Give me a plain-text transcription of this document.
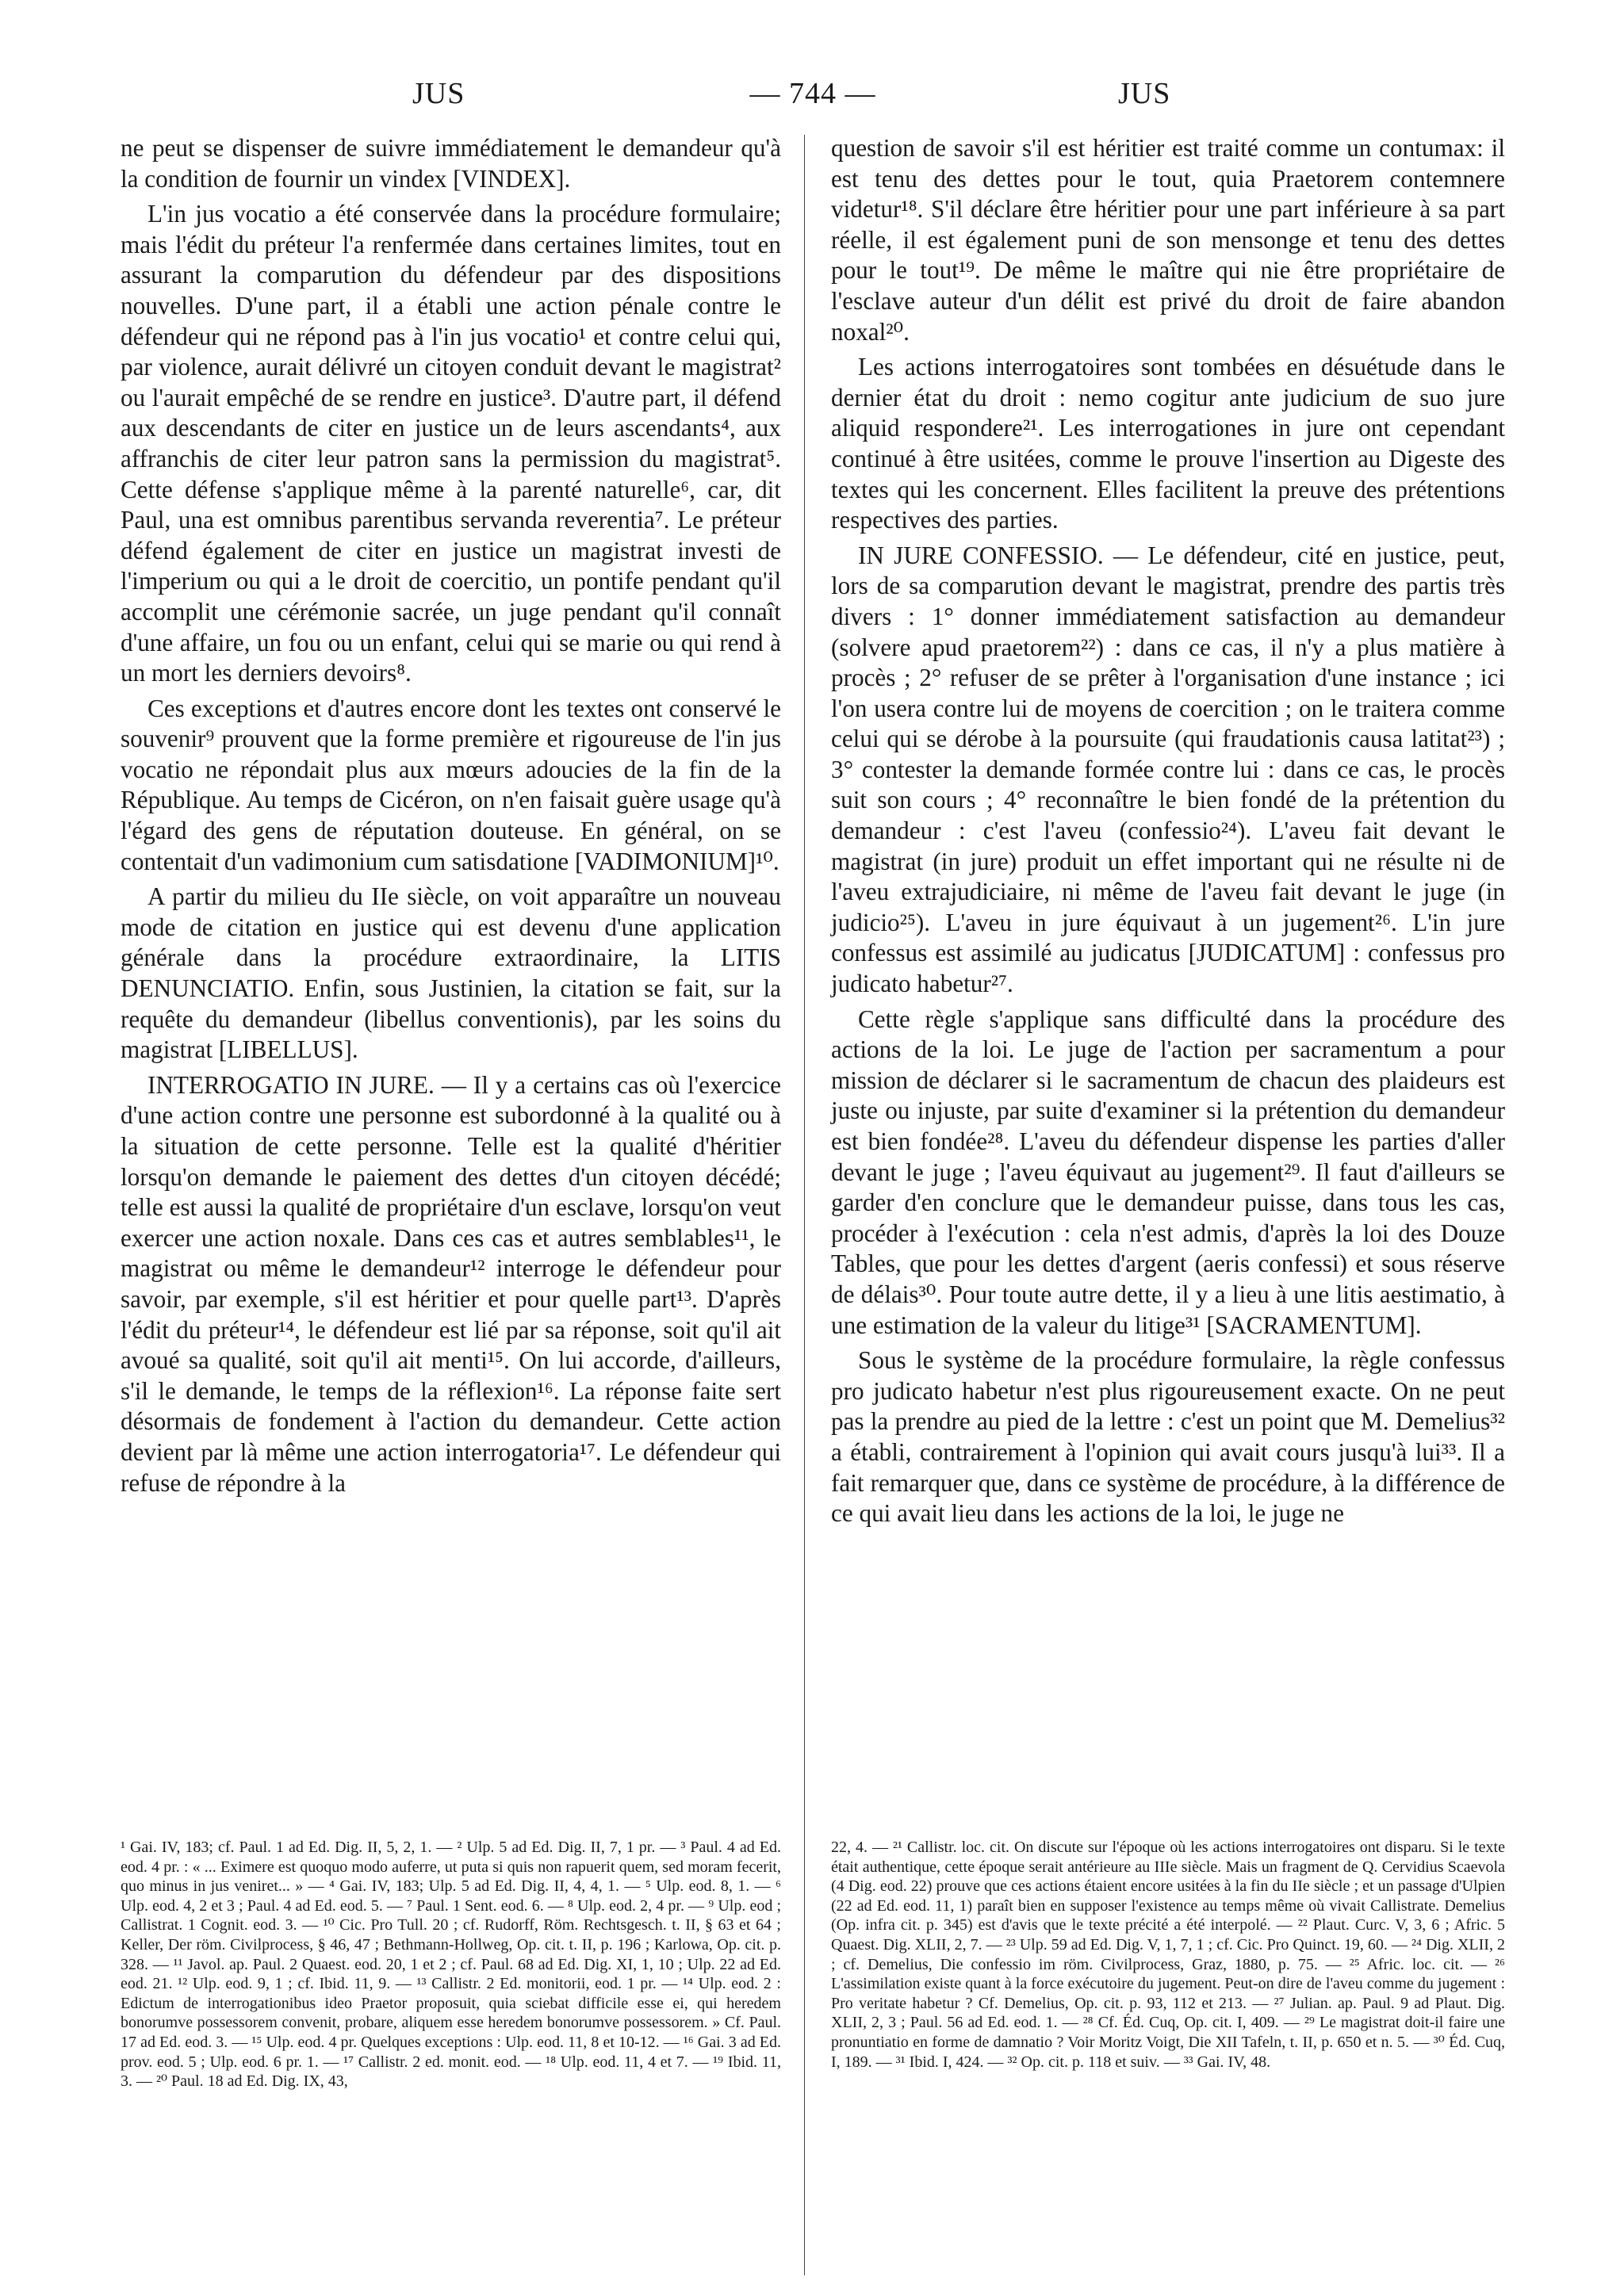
JUS	— 744 —	JUS

ne peut se dispenser de suivre immédiatement le demandeur qu'à la condition de fournir un vindex [VINDEX].

L'in jus vocatio a été conservée dans la procédure formulaire; mais l'édit du préteur l'a renfermée dans certaines limites, tout en assurant la comparution du défendeur par des dispositions nouvelles. D'une part, il a établi une action pénale contre le défendeur qui ne répond pas à l'in jus vocatio¹ et contre celui qui, par violence, aurait délivré un citoyen conduit devant le magistrat² ou l'aurait empêché de se rendre en justice³. D'autre part, il défend aux descendants de citer en justice un de leurs ascendants⁴, aux affranchis de citer leur patron sans la permission du magistrat⁵. Cette défense s'applique même à la parenté naturelle⁶, car, dit Paul, una est omnibus parentibus servanda reverentia⁷. Le préteur défend également de citer en justice un magistrat investi de l'imperium ou qui a le droit de coercitio, un pontife pendant qu'il accomplit une cérémonie sacrée, un juge pendant qu'il connaît d'une affaire, un fou ou un enfant, celui qui se marie ou qui rend à un mort les derniers devoirs⁸.

Ces exceptions et d'autres encore dont les textes ont conservé le souvenir⁹ prouvent que la forme première et rigoureuse de l'in jus vocatio ne répondait plus aux mœurs adoucies de la fin de la République. Au temps de Cicéron, on n'en faisait guère usage qu'à l'égard des gens de réputation douteuse. En général, on se contentait d'un vadimonium cum satisdatione [VADIMONIUM]¹⁰.

A partir du milieu du IIe siècle, on voit apparaître un nouveau mode de citation en justice qui est devenu d'une application générale dans la procédure extraordinaire, la LITIS DENUNCIATIO. Enfin, sous Justinien, la citation se fait, sur la requête du demandeur (libellus conventionis), par les soins du magistrat [LIBELLUS].

INTERROGATIO IN JURE. — Il y a certains cas où l'exercice d'une action contre une personne est subordonné à la qualité ou à la situation de cette personne. Telle est la qualité d'héritier lorsqu'on demande le paiement des dettes d'un citoyen décédé; telle est aussi la qualité de propriétaire d'un esclave, lorsqu'on veut exercer une action noxale. Dans ces cas et autres semblables¹¹, le magistrat ou même le demandeur¹² interroge le défendeur pour savoir, par exemple, s'il est héritier et pour quelle part¹³. D'après l'édit du préteur¹⁴, le défendeur est lié par sa réponse, soit qu'il ait avoué sa qualité, soit qu'il ait menti¹⁵. On lui accorde, d'ailleurs, s'il le demande, le temps de la réflexion¹⁶. La réponse faite sert désormais de fondement à l'action du demandeur. Cette action devient par là même une action interrogatoria¹⁷. Le défendeur qui refuse de répondre à la

question de savoir s'il est héritier est traité comme un contumax: il est tenu des dettes pour le tout, quia Praetorem contemnere videtur¹⁸. S'il déclare être héritier pour une part inférieure à sa part réelle, il est également puni de son mensonge et tenu des dettes pour le tout¹⁹. De même le maître qui nie être propriétaire de l'esclave auteur d'un délit est privé du droit de faire abandon noxal²⁰.

Les actions interrogatoires sont tombées en désuétude dans le dernier état du droit : nemo cogitur ante judicium de suo jure aliquid respondere²¹. Les interrogationes in jure ont cependant continué à être usitées, comme le prouve l'insertion au Digeste des textes qui les concernent. Elles facilitent la preuve des prétentions respectives des parties.

IN JURE CONFESSIO. — Le défendeur, cité en justice, peut, lors de sa comparution devant le magistrat, prendre des partis très divers : 1° donner immédiatement satisfaction au demandeur (solvere apud praetorem²²) : dans ce cas, il n'y a plus matière à procès ; 2° refuser de se prêter à l'organisation d'une instance ; ici l'on usera contre lui de moyens de coercition ; on le traitera comme celui qui se dérobe à la poursuite (qui fraudationis causa latitat²³) ; 3° contester la demande formée contre lui : dans ce cas, le procès suit son cours ; 4° reconnaître le bien fondé de la prétention du demandeur : c'est l'aveu (confessio²⁴). L'aveu fait devant le magistrat (in jure) produit un effet important qui ne résulte ni de l'aveu extrajudiciaire, ni même de l'aveu fait devant le juge (in judicio²⁵). L'aveu in jure équivaut à un jugement²⁶. L'in jure confessus est assimilé au judicatus [JUDICATUM] : confessus pro judicato habetur²⁷.

Cette règle s'applique sans difficulté dans la procédure des actions de la loi. Le juge de l'action per sacramentum a pour mission de déclarer si le sacramentum de chacun des plaideurs est juste ou injuste, par suite d'examiner si la prétention du demandeur est bien fondée²⁸. L'aveu du défendeur dispense les parties d'aller devant le juge ; l'aveu équivaut au jugement²⁹. Il faut d'ailleurs se garder d'en conclure que le demandeur puisse, dans tous les cas, procéder à l'exécution : cela n'est admis, d'après la loi des Douze Tables, que pour les dettes d'argent (aeris confessi) et sous réserve de délais³⁰. Pour toute autre dette, il y a lieu à une litis aestimatio, à une estimation de la valeur du litige³¹ [SACRAMENTUM].

Sous le système de la procédure formulaire, la règle confessus pro judicato habetur n'est plus rigoureusement exacte. On ne peut pas la prendre au pied de la lettre : c'est un point que M. Demelius³² a établi, contrairement à l'opinion qui avait cours jusqu'à lui³³. Il a fait remarquer que, dans ce système de procédure, à la différence de ce qui avait lieu dans les actions de la loi, le juge ne

¹ Gai. IV, 183; cf. Paul. 1 ad Ed. Dig. II, 5, 2, 1. — ² Ulp. 5 ad Ed. Dig. II, 7, 1 pr. — ³ Paul. 4 ad Ed. eod. 4 pr. : « ... Eximere est quoquo modo auferre, ut puta si quis non rapuerit quem, sed moram fecerit, quo minus in jus veniret... » — ⁴ Gai. IV, 183; Ulp. 5 ad Ed. Dig. II, 4, 4, 1. — ⁵ Ulp. eod. 8, 1. — ⁶ Ulp. eod. 4, 2 et 3 ; Paul. 4 ad Ed. eod. 5. — ⁷ Paul. 1 Sent. eod. 6. — ⁸ Ulp. eod. 2, 4 pr. — ⁹ Ulp. eod ; Callistrat. 1 Cognit. eod. 3. — ¹⁰ Cic. Pro Tull. 20 ; cf. Rudorff, Röm. Rechtsgesch. t. II, § 63 et 64 ; Keller, Der röm. Civilprocess, § 46, 47 ; Bethmann-Hollweg, Op. cit. t. II, p. 196 ; Karlowa, Op. cit. p. 328. — ¹¹ Javol. ap. Paul. 2 Quaest. eod. 20, 1 et 2 ; cf. Paul. 68 ad Ed. Dig. XI, 1, 10 ; Ulp. 22 ad Ed. eod. 21. ¹² Ulp. eod. 9, 1 ; cf. Ibid. 11, 9. — ¹³ Callistr. 2 Ed. monitorii, eod. 1 pr. — ¹⁴ Ulp. eod. 2 : Edictum de interrogationibus ideo Praetor proposuit, quia sciebat difficile esse ei, qui heredem bonorumve possessorem convenit, probare, aliquem esse heredem bonorumve possessorem. » Cf. Paul. 17 ad Ed. eod. 3. — ¹⁵ Ulp. eod. 4 pr. Quelques exceptions : Ulp. eod. 11, 8 et 10-12. — ¹⁶ Gai. 3 ad Ed. prov. eod. 5 ; Ulp. eod. 6 pr. 1. — ¹⁷ Callistr. 2 ed. monit. eod. — ¹⁸ Ulp. eod. 11, 4 et 7. — ¹⁹ Ibid. 11, 3. — ²⁰ Paul. 18 ad Ed. Dig. IX, 43,

22, 4. — ²¹ Callistr. loc. cit. On discute sur l'époque où les actions interrogatoires ont disparu. Si le texte était authentique, cette époque serait antérieure au IIIe siècle. Mais un fragment de Q. Cervidius Scaevola (4 Dig. eod. 22) prouve que ces actions étaient encore usitées à la fin du IIe siècle ; et un passage d'Ulpien (22 ad Ed. eod. 11, 1) paraît bien en supposer l'existence au temps même où vivait Callistrate. Demelius (Op. infra cit. p. 345) est d'avis que le texte précité a été interpolé. — ²² Plaut. Curc. V, 3, 6 ; Afric. 5 Quaest. Dig. XLII, 2, 7. — ²³ Ulp. 59 ad Ed. Dig. V, 1, 7, 1 ; cf. Cic. Pro Quinct. 19, 60. — ²⁴ Dig. XLII, 2 ; cf. Demelius, Die confessio im röm. Civilprocess, Graz, 1880, p. 75. — ²⁵ Afric. loc. cit. — ²⁶ L'assimilation existe quant à la force exécutoire du jugement. Peut-on dire de l'aveu comme du jugement : Pro veritate habetur ? Cf. Demelius, Op. cit. p. 93, 112 et 213. — ²⁷ Julian. ap. Paul. 9 ad Plaut. Dig. XLII, 2, 3 ; Paul. 56 ad Ed. eod. 1. — ²⁸ Cf. Éd. Cuq, Op. cit. I, 409. — ²⁹ Le magistrat doit-il faire une pronuntiatio en forme de damnatio ? Voir Moritz Voigt, Die XII Tafeln, t. II, p. 650 et n. 5. — ³⁰ Éd. Cuq, I, 189. — ³¹ Ibid. I, 424. — ³² Op. cit. p. 118 et suiv. — ³³ Gai. IV, 48.
